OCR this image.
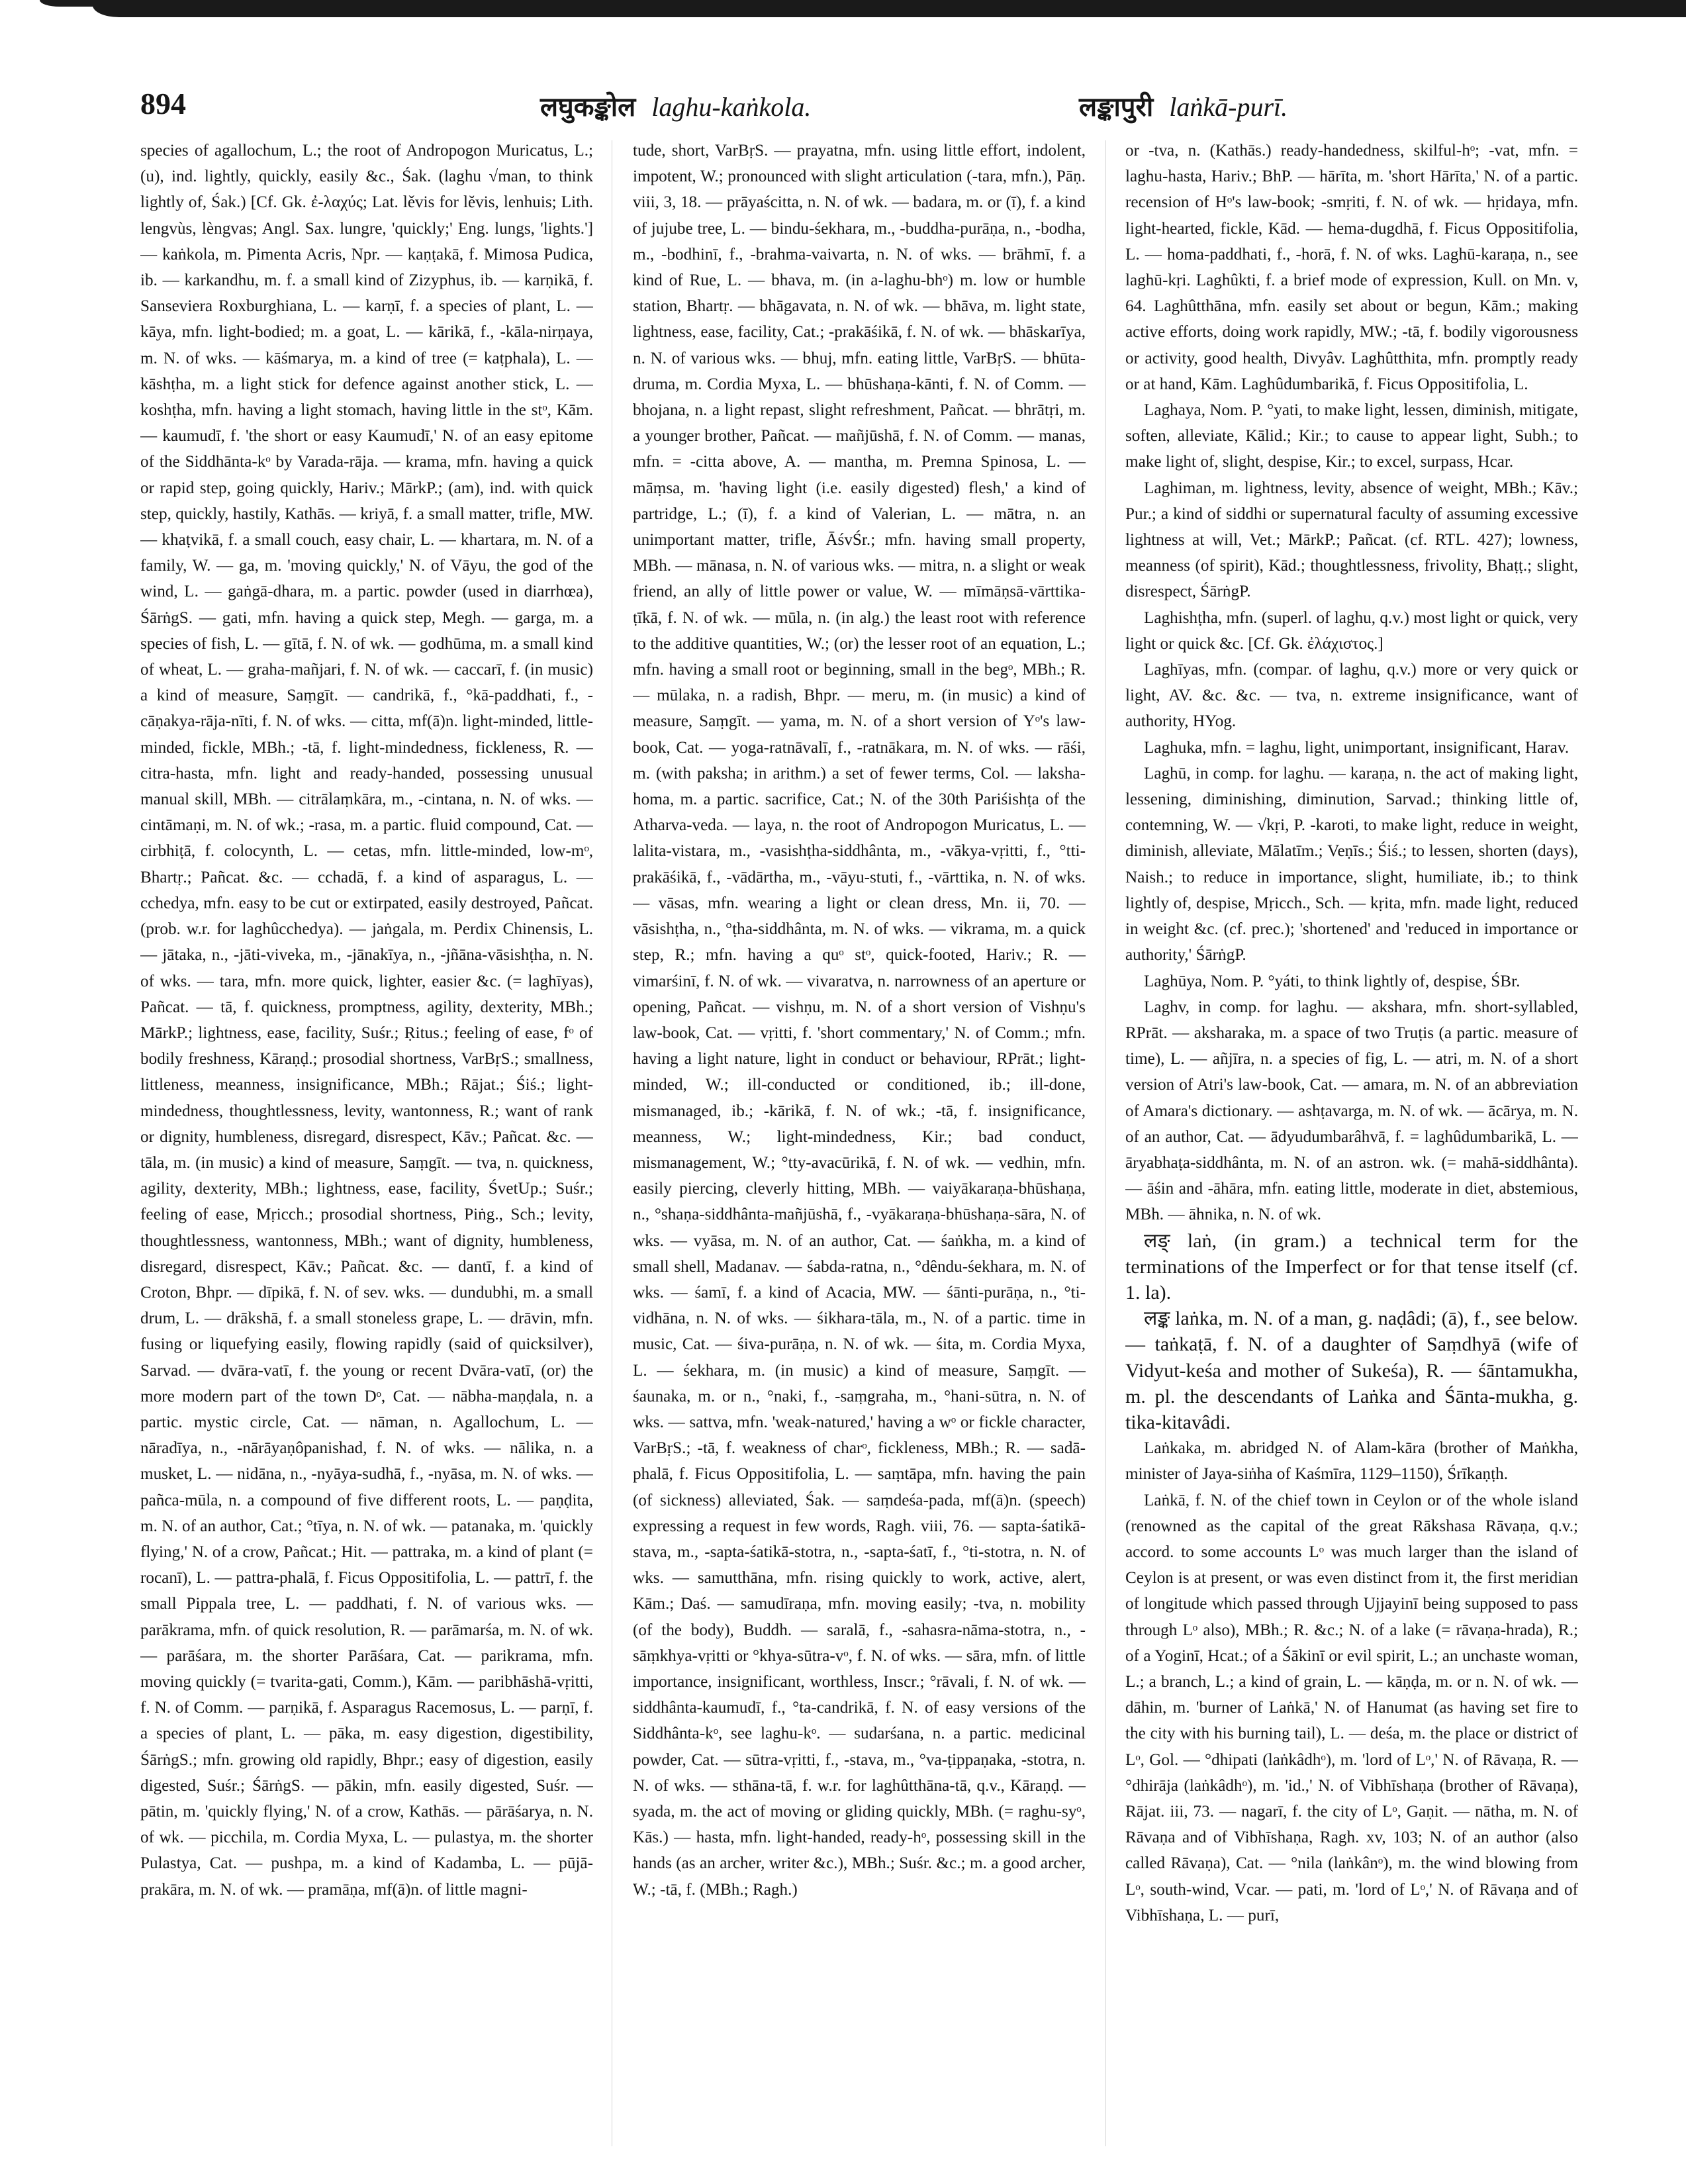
894	लघुकङ्कोल laghu-kaṅkola.	लङ्कापुरी laṅkā-purī.

species of agallochum, L.; the root of Andropogon Muricatus, L.; (u), ind. lightly, quickly, easily &c., Śak. (laghu √man, to think lightly of, Śak.) [Cf. Gk. ἐ-λαχύς; Lat. lěvis for lĕvis, lenhuis; Lith. lengvùs, lèngvas; Angl. Sax. lungre, 'quickly;' Eng. lungs, 'lights.'] — kaṅkola, m. Pimenta Acris, Npr. — kaṇṭakā, f. Mimosa Pudica, ib. — karkandhu, m. f. a small kind of Zizyphus, ib. — karṇikā, f. Sanseviera Roxburghiana, L. — karṇī, f. a species of plant, L. — kāya, mfn. light-bodied; m. a goat, L. — kārikā, f., -kāla-nirṇaya, m. N. of wks. — kāśmarya, m. a kind of tree (= kaṭphala), L. — kāshṭha, m. a light stick for defence against another stick, L. — koshṭha, mfn. having a light stomach, having little in the stᵒ, Kām. — kaumudī, f. 'the short or easy Kaumudī,' N. of an easy epitome of the Siddhānta-kᵒ by Varada-rāja. — krama, mfn. having a quick or rapid step, going quickly, Hariv.; MārkP.; (am), ind. with quick step, quickly, hastily, Kathās. — kriyā, f. a small matter, trifle, MW. — khaṭvikā, f. a small couch, easy chair, L. — khartara, m. N. of a family, W. — ga, m. 'moving quickly,' N. of Vāyu, the god of the wind, L. — gaṅgā-dhara, m. a partic. powder (used in diarrhœa), ŚārṅgS. — gati, mfn. having a quick step, Megh. — garga, m. a species of fish, L. — gītā, f. N. of wk. — godhūma, m. a small kind of wheat, L. — graha-mañjari, f. N. of wk. — caccarī, f. (in music) a kind of measure, Saṃgīt. — candrikā, f., °kā-paddhati, f., -cāṇakya-rāja-nīti, f. N. of wks. — citta, mf(ā)n. light-minded, little-minded, fickle, MBh.; -tā, f. light-mindedness, fickleness, R. — citra-hasta, mfn. light and ready-handed, possessing unusual manual skill, MBh. — citrālaṃkāra, m., -cintana, n. N. of wks. — cintāmaṇi, m. N. of wk.; -rasa, m. a partic. fluid compound, Cat. — cirbhiṭā, f. colocynth, L. — cetas, mfn. little-minded, low-mᵒ, Bhartṛ.; Pañcat. &c. — cchadā, f. a kind of asparagus, L. — cchedya, mfn. easy to be cut or extirpated, easily destroyed, Pañcat. (prob. w.r. for laghûcchedya). — jaṅgala, m. Perdix Chinensis, L. — jātaka, n., -jāti-viveka, m., -jānakīya, n., -jñāna-vāsishṭha, n. N. of wks. — tara, mfn. more quick, lighter, easier &c. (= laghīyas), Pañcat. — tā, f. quickness, promptness, agility, dexterity, MBh.; MārkP.; lightness, ease, facility, Suśr.; Ṛitus.; feeling of ease, fᵒ of bodily freshness, Kāraṇḍ.; prosodial shortness, VarBṛS.; smallness, littleness, meanness, insignificance, MBh.; Rājat.; Śiś.; light-mindedness, thoughtlessness, levity, wantonness, R.; want of rank or dignity, humbleness, disregard, disrespect, Kāv.; Pañcat. &c. — tāla, m. (in music) a kind of measure, Saṃgīt. — tva, n. quickness, agility, dexterity, MBh.; lightness, ease, facility, ŚvetUp.; Suśr.; feeling of ease, Mṛicch.; prosodial shortness, Piṅg., Sch.; levity, thoughtlessness, wantonness, MBh.; want of dignity, humbleness, disregard, disrespect, Kāv.; Pañcat. &c. — dantī, f. a kind of Croton, Bhpr. — dīpikā, f. N. of sev. wks. — dundubhi, m. a small drum, L. — drākshā, f. a small stoneless grape, L. — drāvin, mfn. fusing or liquefying easily, flowing rapidly (said of quicksilver), Sarvad. — dvāra-vatī, f. the young or recent Dvāra-vatī, (or) the more modern part of the town Dᵒ, Cat. — nābha-maṇḍala, n. a partic. mystic circle, Cat. — nāman, n. Agallochum, L. — nāradīya, n., -nārāyaṇôpanishad, f. N. of wks. — nālika, n. a musket, L. — nidāna, n., -nyāya-sudhā, f., -nyāsa, m. N. of wks. — pañca-mūla, n. a compound of five different roots, L. — paṇḍita, m. N. of an author, Cat.; °tīya, n. N. of wk. — patanaka, m. 'quickly flying,' N. of a crow, Pañcat.; Hit. — pattraka, m. a kind of plant (= rocanī), L. — pattra-phalā, f. Ficus Oppositifolia, L. — pattrī, f. the small Pippala tree, L. — paddhati, f. N. of various wks. — parākrama, mfn. of quick resolution, R. — parāmarśa, m. N. of wk. — parāśara, m. the shorter Parāśara, Cat. — parikrama, mfn. moving quickly (= tvarita-gati, Comm.), Kām. — paribhāshā-vṛitti, f. N. of Comm. — parṇikā, f. Asparagus Racemosus, L. — parṇī, f. a species of plant, L. — pāka, m. easy digestion, digestibility, ŚārṅgS.; mfn. growing old rapidly, Bhpr.; easy of digestion, easily digested, Suśr.; ŚārṅgS. — pākin, mfn. easily digested, Suśr. — pātin, m. 'quickly flying,' N. of a crow, Kathās. — pārāśarya, n. N. of wk. — picchila, m. Cordia Myxa, L. — pulastya, m. the shorter Pulastya, Cat. — pushpa, m. a kind of Kadamba, L. — pūjā-prakāra, m. N. of wk. — pramāṇa, mf(ā)n. of little magni-

tude, short, VarBṛS. — prayatna, mfn. using little effort, indolent, impotent, W.; pronounced with slight articulation (-tara, mfn.), Pāṇ. viii, 3, 18. — prāyaścitta, n. N. of wk. — badara, m. or (ī), f. a kind of jujube tree, L. — bindu-śekhara, m., -buddha-purāṇa, n., -bodha, m., -bodhinī, f., -brahma-vaivarta, n. N. of wks. — brāhmī, f. a kind of Rue, L. — bhava, m. (in a-laghu-bhᵒ) m. low or humble station, Bhartṛ. — bhāgavata, n. N. of wk. — bhāva, m. light state, lightness, ease, facility, Cat.; -prakāśikā, f. N. of wk. — bhāskarīya, n. N. of various wks. — bhuj, mfn. eating little, VarBṛS. — bhūta-druma, m. Cordia Myxa, L. — bhūshaṇa-kānti, f. N. of Comm. — bhojana, n. a light repast, slight refreshment, Pañcat. — bhrātṛi, m. a younger brother, Pañcat. — mañjūshā, f. N. of Comm. — manas, mfn. = -citta above, A. — mantha, m. Premna Spinosa, L. — māṃsa, m. 'having light (i.e. easily digested) flesh,' a kind of partridge, L.; (ī), f. a kind of Valerian, L. — mātra, n. an unimportant matter, trifle, ĀśvŚr.; mfn. having small property, MBh. — mānasa, n. N. of various wks. — mitra, n. a slight or weak friend, an ally of little power or value, W. — mīmāṇsā-vārttika-ṭīkā, f. N. of wk. — mūla, n. (in alg.) the least root with reference to the additive quantities, W.; (or) the lesser root of an equation, L.; mfn. having a small root or beginning, small in the begᵒ, MBh.; R. — mūlaka, n. a radish, Bhpr. — meru, m. (in music) a kind of measure, Saṃgīt. — yama, m. N. of a short version of Yᵒ's law-book, Cat. — yoga-ratnāvalī, f., -ratnākara, m. N. of wks. — rāśi, m. (with paksha; in arithm.) a set of fewer terms, Col. — laksha-homa, m. a partic. sacrifice, Cat.; N. of the 30th Pariśishṭa of the Atharva-veda. — laya, n. the root of Andropogon Muricatus, L. — lalita-vistara, m., -vasishṭha-siddhânta, m., -vākya-vṛitti, f., °tti-prakāśikā, f., -vādārtha, m., -vāyu-stuti, f., -vārttika, n. N. of wks. — vāsas, mfn. wearing a light or clean dress, Mn. ii, 70. — vāsishṭha, n., °ṭha-siddhânta, m. N. of wks. — vikrama, m. a quick step, R.; mfn. having a quᵒ stᵒ, quick-footed, Hariv.; R. — vimarśinī, f. N. of wk. — vivaratva, n. narrowness of an aperture or opening, Pañcat. — vishṇu, m. N. of a short version of Vishṇu's law-book, Cat. — vṛitti, f. 'short commentary,' N. of Comm.; mfn. having a light nature, light in conduct or behaviour, RPrāt.; light-minded, W.; ill-conducted or conditioned, ib.; ill-done, mismanaged, ib.; -kārikā, f. N. of wk.; -tā, f. insignificance, meanness, W.; light-mindedness, Kir.; bad conduct, mismanagement, W.; °tty-avacūrikā, f. N. of wk. — vedhin, mfn. easily piercing, cleverly hitting, MBh. — vaiyākaraṇa-bhūshaṇa, n., °shaṇa-siddhânta-mañjūshā, f., -vyākaraṇa-bhūshaṇa-sāra, N. of wks. — vyāsa, m. N. of an author, Cat. — śaṅkha, m. a kind of small shell, Madanav. — śabda-ratna, n., °dêndu-śekhara, m. N. of wks. — śamī, f. a kind of Acacia, MW. — śānti-purāṇa, n., °ti-vidhāna, n. N. of wks. — śikhara-tāla, m., N. of a partic. time in music, Cat. — śiva-purāṇa, n. N. of wk. — śita, m. Cordia Myxa, L. — śekhara, m. (in music) a kind of measure, Saṃgīt. — śaunaka, m. or n., °naki, f., -saṃgraha, m., °hani-sūtra, n. N. of wks. — sattva, mfn. 'weak-natured,' having a wᵒ or fickle character, VarBṛS.; -tā, f. weakness of charᵒ, fickleness, MBh.; R. — sadā-phalā, f. Ficus Oppositifolia, L. — saṃtāpa, mfn. having the pain (of sickness) alleviated, Śak. — saṃdeśa-pada, mf(ā)n. (speech) expressing a request in few words, Ragh. viii, 76. — sapta-śatikā-stava, m., -sapta-śatikā-stotra, n., -sapta-śatī, f., °ti-stotra, n. N. of wks. — samutthāna, mfn. rising quickly to work, active, alert, Kām.; Daś. — samudīraṇa, mfn. moving easily; -tva, n. mobility (of the body), Buddh. — saralā, f., -sahasra-nāma-stotra, n., -sāṃkhya-vṛitti or °khya-sūtra-vᵒ, f. N. of wks. — sāra, mfn. of little importance, insignificant, worthless, Inscr.; °rāvali, f. N. of wk. — siddhânta-kaumudī, f., °ta-candrikā, f. N. of easy versions of the Siddhânta-kᵒ, see laghu-kᵒ. — sudarśana, n. a partic. medicinal powder, Cat. — sūtra-vṛitti, f., -stava, m., °va-ṭippaṇaka, -stotra, n. N. of wks. — sthāna-tā, f. w.r. for laghûtthāna-tā, q.v., Kāraṇḍ. — syada, m. the act of moving or gliding quickly, MBh. (= raghu-syᵒ, Kās.) — hasta, mfn. light-handed, ready-hᵒ, possessing skill in the hands (as an archer, writer &c.), MBh.; Suśr. &c.; m. a good archer, W.; -tā, f. (MBh.; Ragh.)

or -tva, n. (Kathās.) ready-handedness, skilful-hᵒ; -vat, mfn. = laghu-hasta, Hariv.; BhP. — hārīta, m. 'short Hārīta,' N. of a partic. recension of Hᵒ's law-book; -smṛiti, f. N. of wk. — hṛidaya, mfn. light-hearted, fickle, Kād. — hema-dugdhā, f. Ficus Oppositifolia, L. — homa-paddhati, f., -horā, f. N. of wks. Laghū-karaṇa, n., see laghū-kṛi. Laghûkti, f. a brief mode of expression, Kull. on Mn. v, 64. Laghûtthāna, mfn. easily set about or begun, Kām.; making active efforts, doing work rapidly, MW.; -tā, f. bodily vigorousness or activity, good health, Divyâv. Laghûtthita, mfn. promptly ready or at hand, Kām. Laghûdumbarikā, f. Ficus Oppositifolia, L.

Laghaya, Nom. P. °yati, to make light, lessen, diminish, mitigate, soften, alleviate, Kālid.; Kir.; to cause to appear light, Subh.; to make light of, slight, despise, Kir.; to excel, surpass, Hcar.

Laghiman, m. lightness, levity, absence of weight, MBh.; Kāv.; Pur.; a kind of siddhi or supernatural faculty of assuming excessive lightness at will, Vet.; MārkP.; Pañcat. (cf. RTL. 427); lowness, meanness (of spirit), Kād.; thoughtlessness, frivolity, Bhaṭṭ.; slight, disrespect, ŚārṅgP.

Laghishṭha, mfn. (superl. of laghu, q.v.) most light or quick, very light or quick &c. [Cf. Gk. ἐλάχιστος.]

Laghīyas, mfn. (compar. of laghu, q.v.) more or very quick or light, AV. &c. &c. — tva, n. extreme insignificance, want of authority, HYog.

Laghuka, mfn. = laghu, light, unimportant, insignificant, Harav.

Laghū, in comp. for laghu. — karaṇa, n. the act of making light, lessening, diminishing, diminution, Sarvad.; thinking little of, contemning, W. — √kṛi, P. -karoti, to make light, reduce in weight, diminish, alleviate, Mālatīm.; Veṇīs.; Śiś.; to lessen, shorten (days), Naish.; to reduce in importance, slight, humiliate, ib.; to think lightly of, despise, Mṛicch., Sch. — kṛita, mfn. made light, reduced in weight &c. (cf. prec.); 'shortened' and 'reduced in importance or authority,' ŚārṅgP.

Laghūya, Nom. P. °yáti, to think lightly of, despise, ŚBr.

Laghv, in comp. for laghu. — akshara, mfn. short-syllabled, RPrāt. — aksharaka, m. a space of two Truṭis (a partic. measure of time), L. — añjīra, n. a species of fig, L. — atri, m. N. of a short version of Atri's law-book, Cat. — amara, m. N. of an abbreviation of Amara's dictionary. — ashṭavarga, m. N. of wk. — ācārya, m. N. of an author, Cat. — ādyudumbarâhvā, f. = laghûdumbarikā, L. — āryabhaṭa-siddhânta, m. N. of an astron. wk. (= mahā-siddhânta). — āśin and -āhāra, mfn. eating little, moderate in diet, abstemious, MBh. — āhnika, n. N. of wk.

लङ् laṅ, (in gram.) a technical term for the terminations of the Imperfect or for that tense itself (cf. 1. la).

लङ्क laṅka, m. N. of a man, g. naḍâdi; (ā), f., see below. — taṅkaṭā, f. N. of a daughter of Saṃdhyā (wife of Vidyut-keśa and mother of Sukeśa), R. — śāntamukha, m. pl. the descendants of Laṅka and Śānta-mukha, g. tika-kitavâdi.

Laṅkaka, m. abridged N. of Alam-kāra (brother of Maṅkha, minister of Jaya-siṅha of Kaśmīra, 1129–1150), Śrīkaṇṭh.

Laṅkā, f. N. of the chief town in Ceylon or of the whole island (renowned as the capital of the great Rākshasa Rāvaṇa, q.v.; accord. to some accounts Lᵒ was much larger than the island of Ceylon is at present, or was even distinct from it, the first meridian of longitude which passed through Ujjayinī being supposed to pass through Lᵒ also), MBh.; R. &c.; N. of a lake (= rāvaṇa-hrada), R.; of a Yoginī, Hcat.; of a Śākinī or evil spirit, L.; an unchaste woman, L.; a branch, L.; a kind of grain, L. — kāṇḍa, m. or n. N. of wk. — dāhin, m. 'burner of Laṅkā,' N. of Hanumat (as having set fire to the city with his burning tail), L. — deśa, m. the place or district of Lᵒ, Gol. — °dhipati (laṅkâdhᵒ), m. 'lord of Lᵒ,' N. of Rāvaṇa, R. — °dhirāja (laṅkâdhᵒ), m. 'id.,' N. of Vibhīshaṇa (brother of Rāvaṇa), Rājat. iii, 73. — nagarī, f. the city of Lᵒ, Gaṇit. — nātha, m. N. of Rāvaṇa and of Vibhīshaṇa, Ragh. xv, 103; N. of an author (also called Rāvaṇa), Cat. — °nila (laṅkânᵒ), m. the wind blowing from Lᵒ, south-wind, Vcar. — pati, m. 'lord of Lᵒ,' N. of Rāvaṇa and of Vibhīshaṇa, L. — purī,
